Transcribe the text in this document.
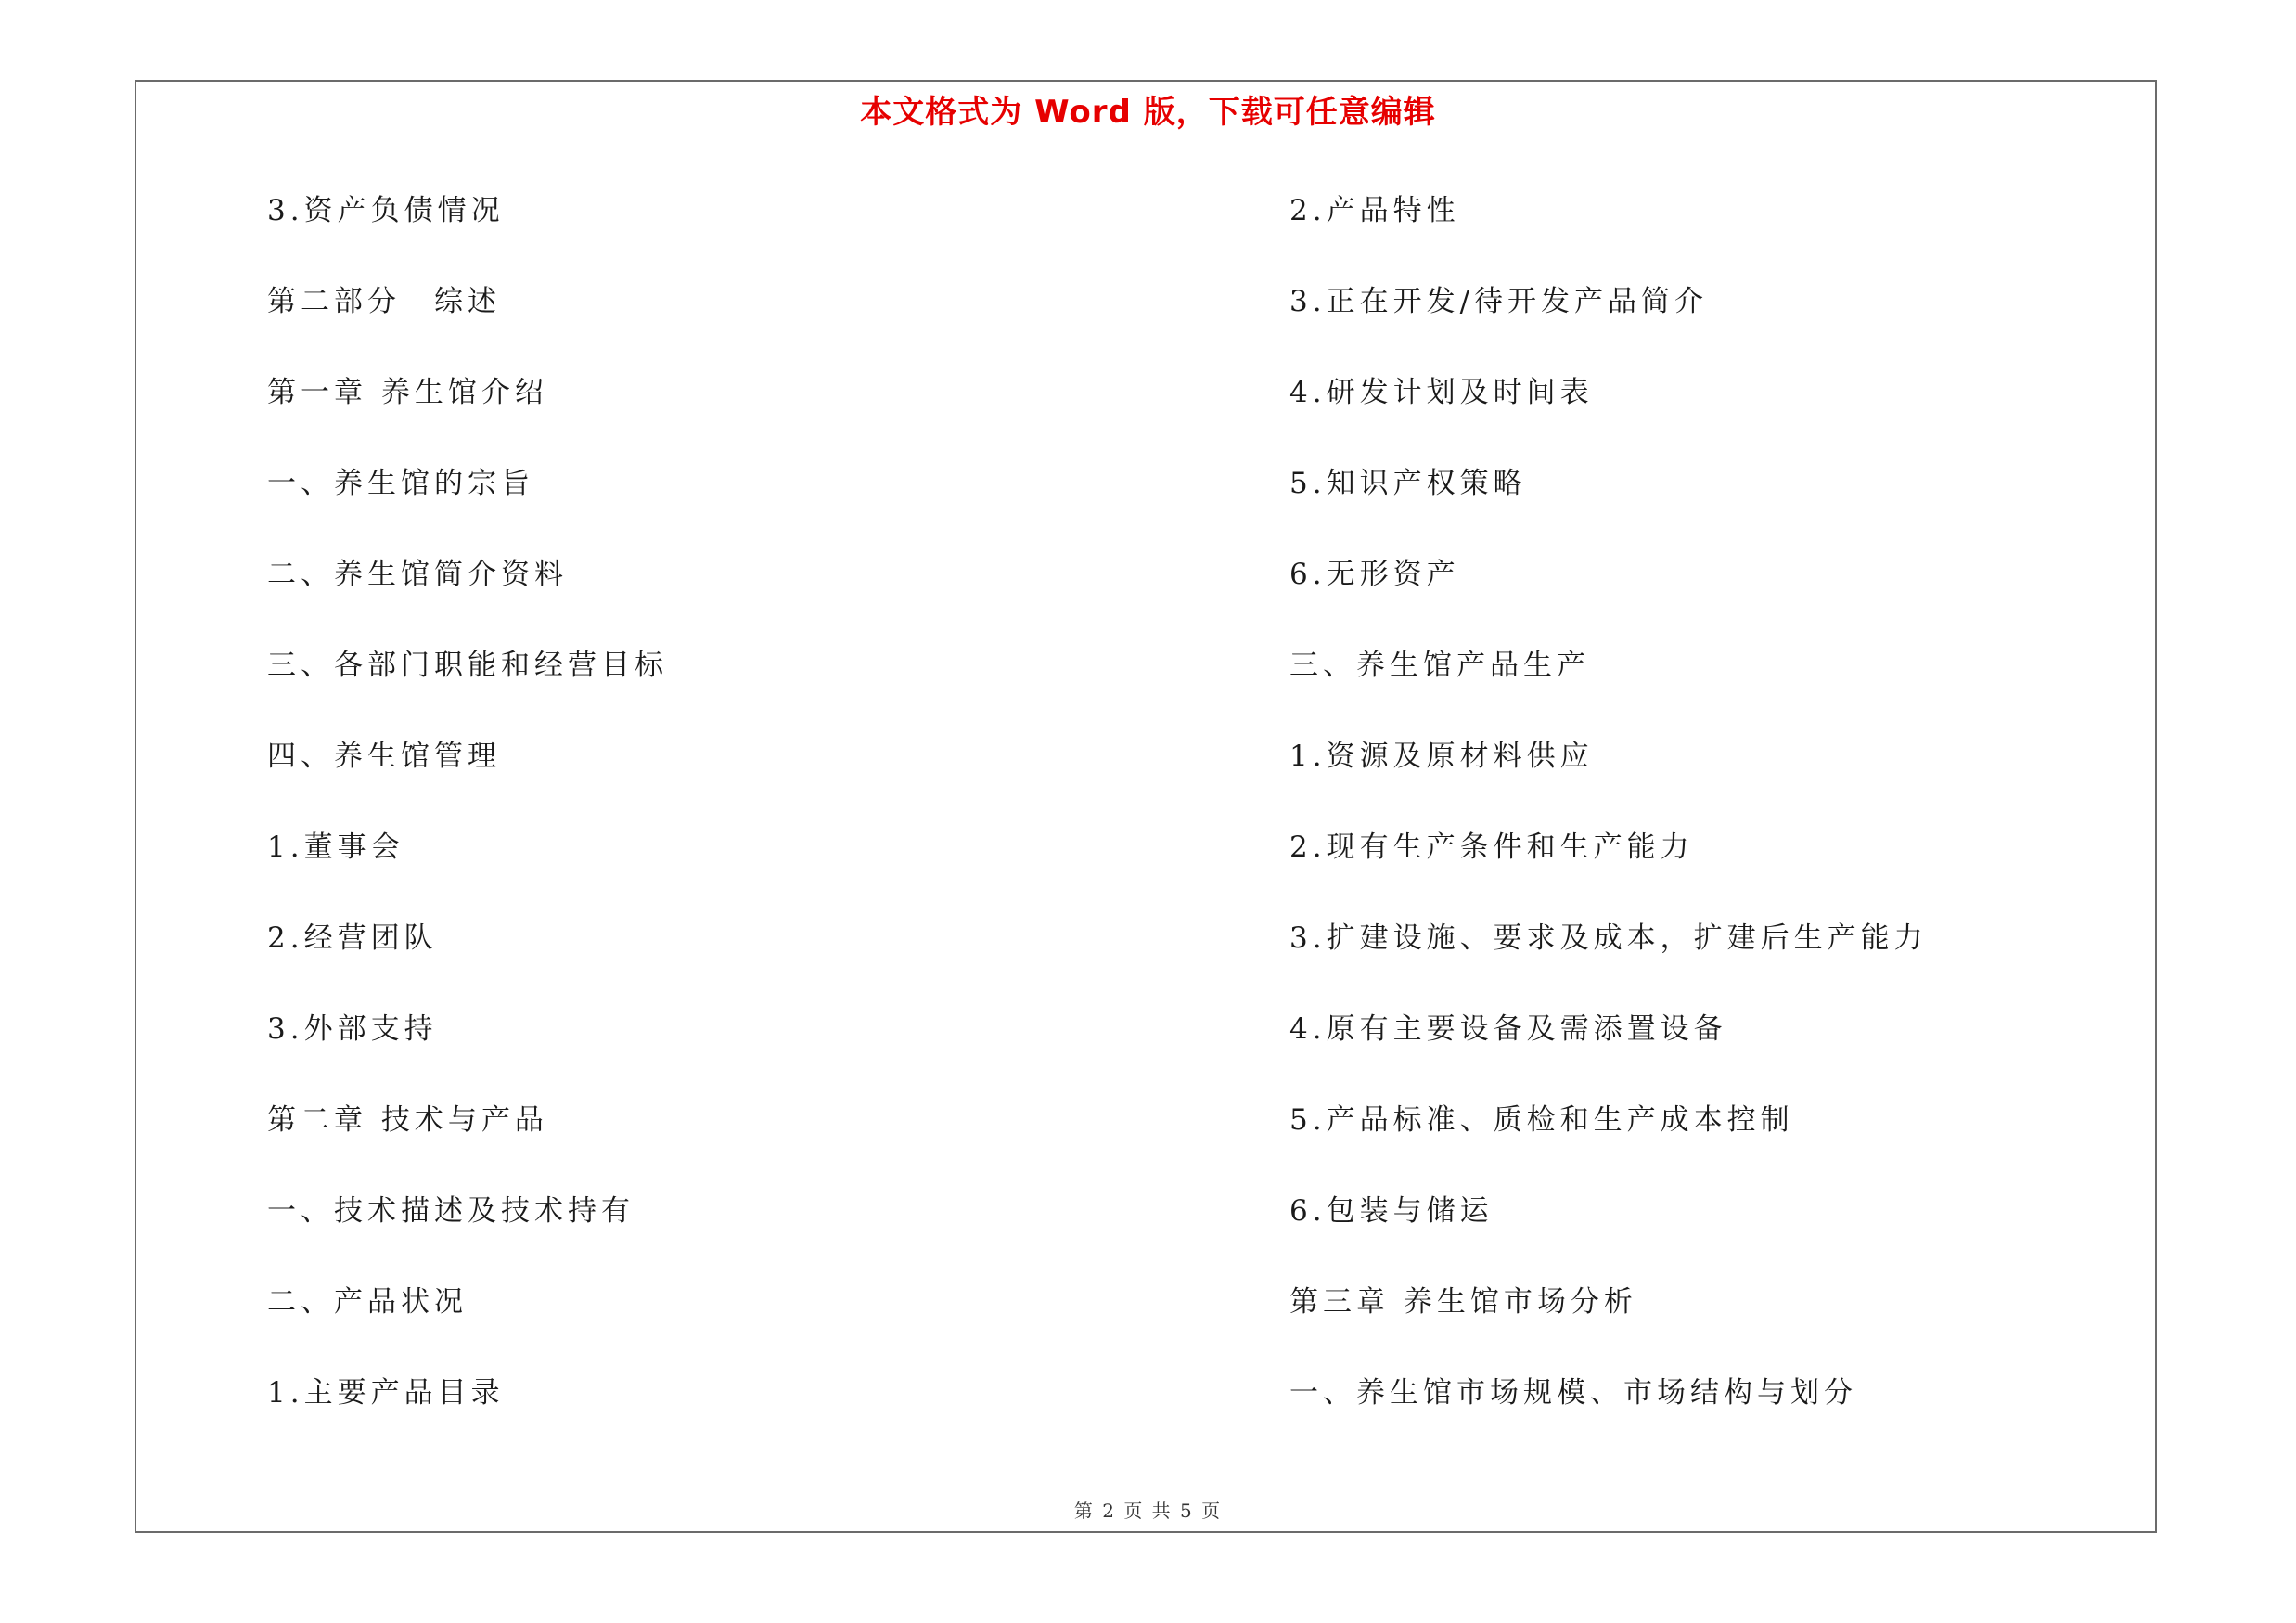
本文格式为 Word 版，下载可任意编辑
3.资产负债情况
第二部分　综述
第一章 养生馆介绍
一、养生馆的宗旨
二、养生馆简介资料
三、各部门职能和经营目标
四、养生馆管理
1.董事会
2.经营团队
3.外部支持
第二章 技术与产品
一、技术描述及技术持有
二、产品状况
1.主要产品目录
2.产品特性
3.正在开发/待开发产品简介
4.研发计划及时间表
5.知识产权策略
6.无形资产
三、养生馆产品生产
1.资源及原材料供应
2.现有生产条件和生产能力
3.扩建设施、要求及成本，扩建后生产能力
4.原有主要设备及需添置设备
5.产品标准、质检和生产成本控制
6.包装与储运
第三章 养生馆市场分析
一、养生馆市场规模、市场结构与划分
第 2 页 共 5 页
